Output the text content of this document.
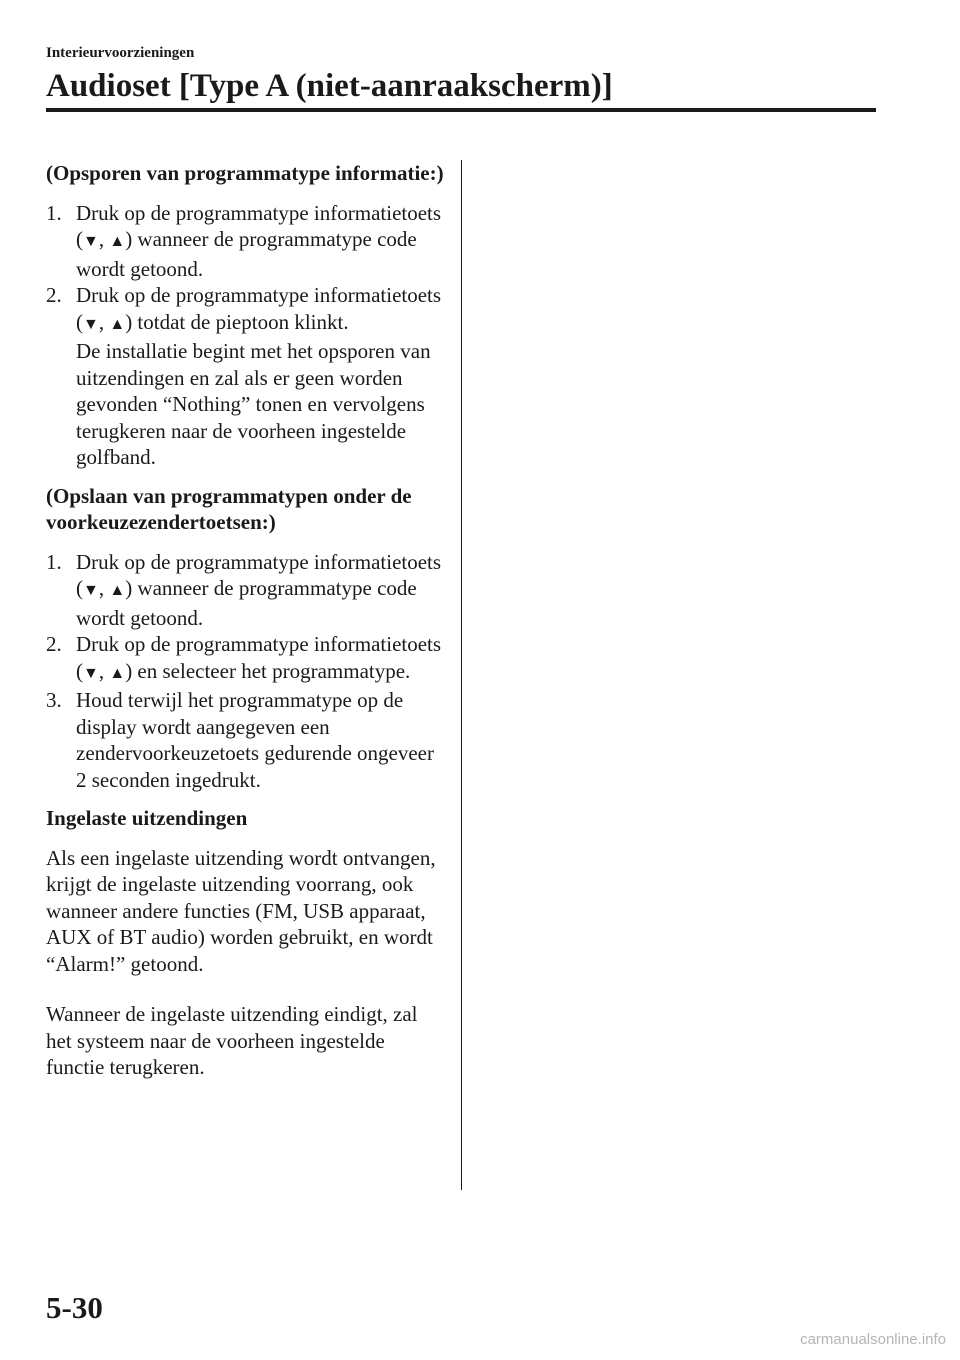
Interieurvoorzieningen

Audioset [Type A (niet-aanraakscherm)]

(Opsporen van programmatype informatie:)

1. Druk op de programmatype informatietoets (▼, ▲) wanneer de programmatype code wordt getoond.
2. Druk op de programmatype informatietoets (▼, ▲) totdat de pieptoon klinkt.
De installatie begint met het opsporen van uitzendingen en zal als er geen worden gevonden “Nothing” tonen en vervolgens terugkeren naar de voorheen ingestelde golfband.

(Opslaan van programmatypen onder de voorkeuzezendertoetsen:)

1. Druk op de programmatype informatietoets (▼, ▲) wanneer de programmatype code wordt getoond.
2. Druk op de programmatype informatietoets (▼, ▲) en selecteer het programmatype.
3. Houd terwijl het programmatype op de display wordt aangegeven een zendervoorkeuzetoets gedurende ongeveer 2 seconden ingedrukt.

Ingelaste uitzendingen

Als een ingelaste uitzending wordt ontvangen, krijgt de ingelaste uitzending voorrang, ook wanneer andere functies (FM, USB apparaat, AUX of BT audio) worden gebruikt, en wordt “Alarm!” getoond.

Wanneer de ingelaste uitzending eindigt, zal het systeem naar de voorheen ingestelde functie terugkeren.

5-30
carmanualsonline.info
